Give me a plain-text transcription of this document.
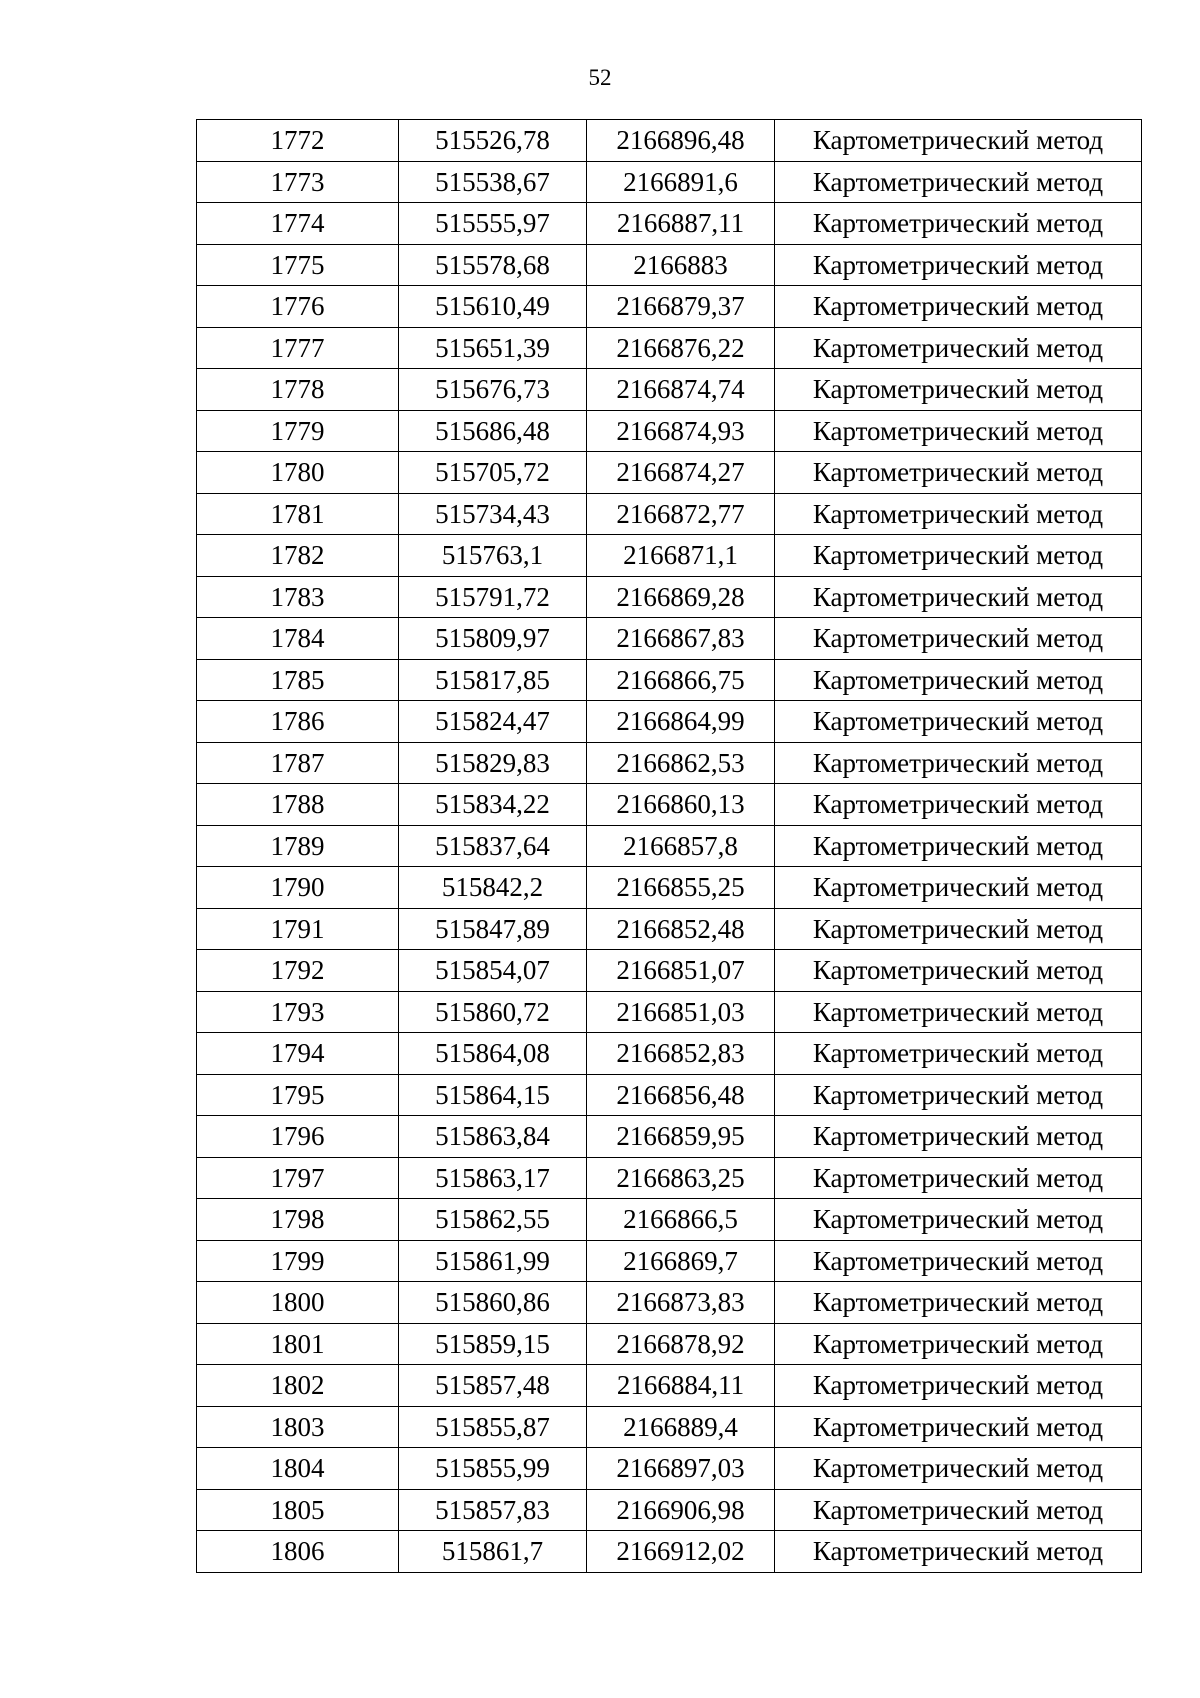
52
1772	515526,78	2166896,48	Картометрический метод
1773	515538,67	2166891,6	Картометрический метод
1774	515555,97	2166887,11	Картометрический метод
1775	515578,68	2166883	Картометрический метод
1776	515610,49	2166879,37	Картометрический метод
1777	515651,39	2166876,22	Картометрический метод
1778	515676,73	2166874,74	Картометрический метод
1779	515686,48	2166874,93	Картометрический метод
1780	515705,72	2166874,27	Картометрический метод
1781	515734,43	2166872,77	Картометрический метод
1782	515763,1	2166871,1	Картометрический метод
1783	515791,72	2166869,28	Картометрический метод
1784	515809,97	2166867,83	Картометрический метод
1785	515817,85	2166866,75	Картометрический метод
1786	515824,47	2166864,99	Картометрический метод
1787	515829,83	2166862,53	Картометрический метод
1788	515834,22	2166860,13	Картометрический метод
1789	515837,64	2166857,8	Картометрический метод
1790	515842,2	2166855,25	Картометрический метод
1791	515847,89	2166852,48	Картометрический метод
1792	515854,07	2166851,07	Картометрический метод
1793	515860,72	2166851,03	Картометрический метод
1794	515864,08	2166852,83	Картометрический метод
1795	515864,15	2166856,48	Картометрический метод
1796	515863,84	2166859,95	Картометрический метод
1797	515863,17	2166863,25	Картометрический метод
1798	515862,55	2166866,5	Картометрический метод
1799	515861,99	2166869,7	Картометрический метод
1800	515860,86	2166873,83	Картометрический метод
1801	515859,15	2166878,92	Картометрический метод
1802	515857,48	2166884,11	Картометрический метод
1803	515855,87	2166889,4	Картометрический метод
1804	515855,99	2166897,03	Картометрический метод
1805	515857,83	2166906,98	Картометрический метод
1806	515861,7	2166912,02	Картометрический метод
